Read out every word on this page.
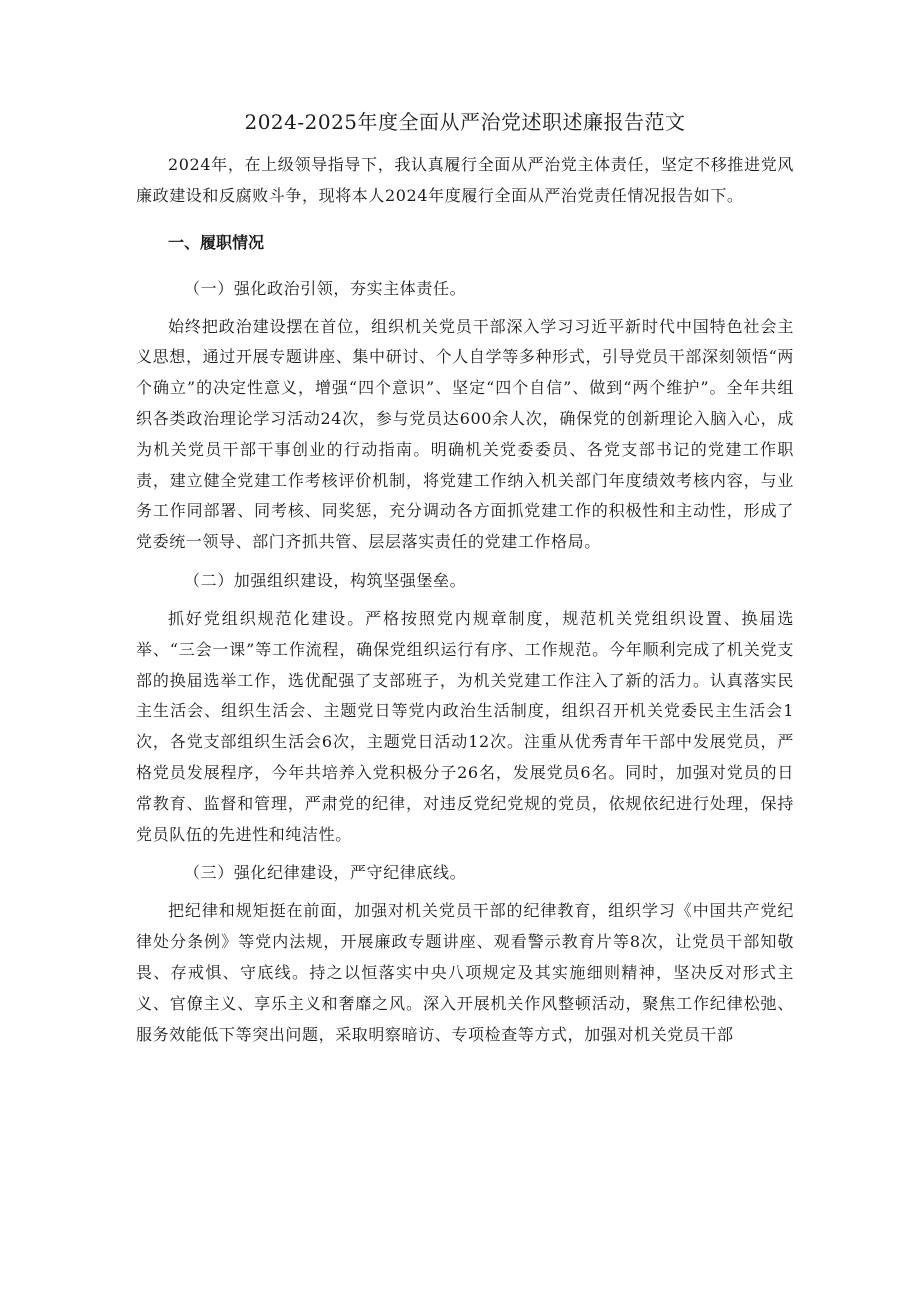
2024-2025年度全面从严治党述职述廉报告范文

2024年，在上级领导指导下，我认真履行全面从严治党主体责任，坚定不移推进党风廉政建设和反腐败斗争，现将本人2024年度履行全面从严治党责任情况报告如下。

一、履职情况

（一）强化政治引领，夯实主体责任。

始终把政治建设摆在首位，组织机关党员干部深入学习习近平新时代中国特色社会主义思想，通过开展专题讲座、集中研讨、个人自学等多种形式，引导党员干部深刻领悟“两个确立”的决定性意义，增强“四个意识”、坚定“四个自信”、做到“两个维护”。全年共组织各类政治理论学习活动24次，参与党员达600余人次，确保党的创新理论入脑入心，成为机关党员干部干事创业的行动指南。明确机关党委委员、各党支部书记的党建工作职责，建立健全党建工作考核评价机制，将党建工作纳入机关部门年度绩效考核内容，与业务工作同部署、同考核、同奖惩，充分调动各方面抓党建工作的积极性和主动性，形成了党委统一领导、部门齐抓共管、层层落实责任的党建工作格局。

（二）加强组织建设，构筑坚强堡垒。

抓好党组织规范化建设。严格按照党内规章制度，规范机关党组织设置、换届选举、“三会一课”等工作流程，确保党组织运行有序、工作规范。今年顺利完成了机关党支部的换届选举工作，选优配强了支部班子，为机关党建工作注入了新的活力。认真落实民主生活会、组织生活会、主题党日等党内政治生活制度，组织召开机关党委民主生活会1次，各党支部组织生活会6次，主题党日活动12次。注重从优秀青年干部中发展党员，严格党员发展程序，今年共培养入党积极分子26名，发展党员6名。同时，加强对党员的日常教育、监督和管理，严肃党的纪律，对违反党纪党规的党员，依规依纪进行处理，保持党员队伍的先进性和纯洁性。

（三）强化纪律建设，严守纪律底线。

把纪律和规矩挺在前面，加强对机关党员干部的纪律教育，组织学习《中国共产党纪律处分条例》等党内法规，开展廉政专题讲座、观看警示教育片等8次，让党员干部知敬畏、存戒惧、守底线。持之以恒落实中央八项规定及其实施细则精神，坚决反对形式主义、官僚主义、享乐主义和奢靡之风。深入开展机关作风整顿活动，聚焦工作纪律松弛、服务效能低下等突出问题，采取明察暗访、专项检查等方式，加强对机关党员干部
